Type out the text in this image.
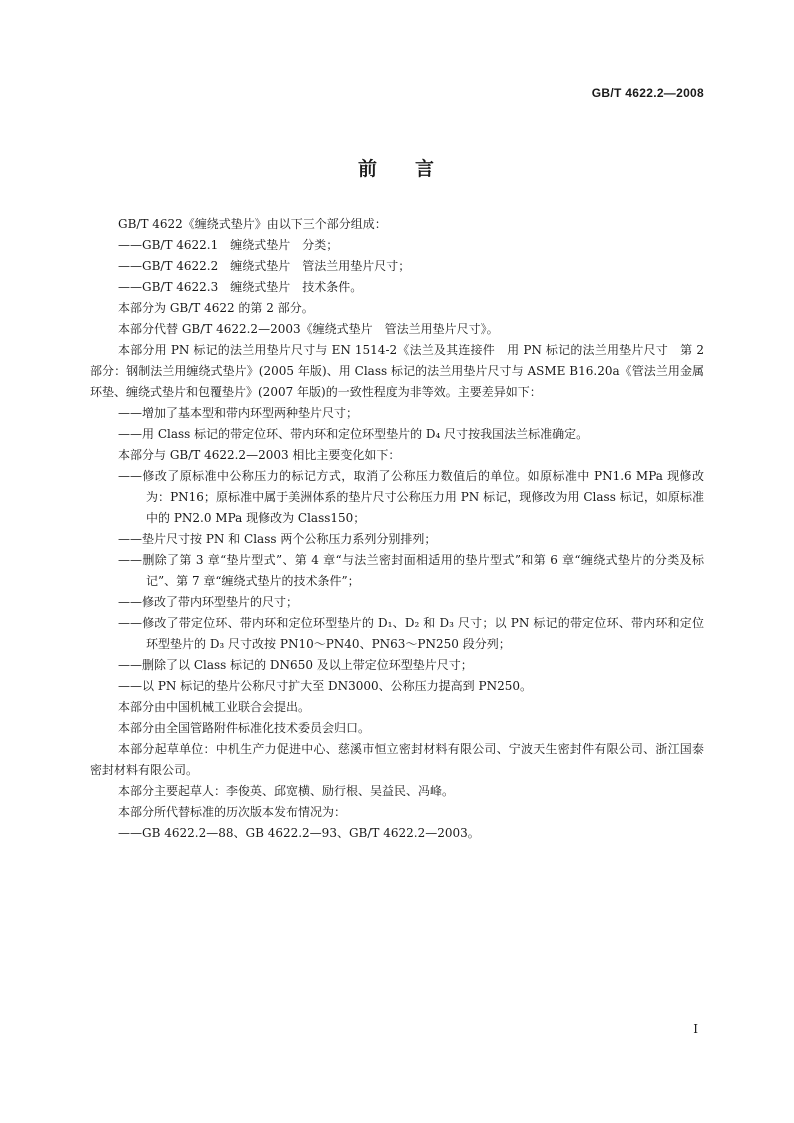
GB/T 4622.2—2008
前 言
GB/T 4622《缠绕式垫片》由以下三个部分组成：
——GB/T 4622.1　缠绕式垫片　分类；
——GB/T 4622.2　缠绕式垫片　管法兰用垫片尺寸；
——GB/T 4622.3　缠绕式垫片　技术条件。
本部分为 GB/T 4622 的第 2 部分。
本部分代替 GB/T 4622.2—2003《缠绕式垫片　管法兰用垫片尺寸》。
本部分用 PN 标记的法兰用垫片尺寸与 EN 1514-2《法兰及其连接件　用 PN 标记的法兰用垫片尺寸　第 2 部分：钢制法兰用缠绕式垫片》(2005 年版)、用 Class 标记的法兰用垫片尺寸与 ASME B16.20a《管法兰用金属环垫、缠绕式垫片和包覆垫片》(2007 年版)的一致性程度为非等效。主要差异如下：
——增加了基本型和带内环型两种垫片尺寸；
——用 Class 标记的带定位环、带内环和定位环型垫片的 D₄ 尺寸按我国法兰标准确定。
本部分与 GB/T 4622.2—2003 相比主要变化如下：
——修改了原标准中公称压力的标记方式，取消了公称压力数值后的单位。如原标准中 PN1.6 MPa 现修改为：PN16；原标准中属于美洲体系的垫片尺寸公称压力用 PN 标记，现修改为用 Class 标记，如原标准中的 PN2.0 MPa 现修改为 Class150；
——垫片尺寸按 PN 和 Class 两个公称压力系列分别排列；
——删除了第 3 章“垫片型式”、第 4 章“与法兰密封面相适用的垫片型式”和第 6 章“缠绕式垫片的分类及标记”、第 7 章“缠绕式垫片的技术条件”；
——修改了带内环型垫片的尺寸；
——修改了带定位环、带内环和定位环型垫片的 D₁、D₂ 和 D₃ 尺寸；以 PN 标记的带定位环、带内环和定位环型垫片的 D₃ 尺寸改按 PN10～PN40、PN63～PN250 段分列；
——删除了以 Class 标记的 DN650 及以上带定位环型垫片尺寸；
——以 PN 标记的垫片公称尺寸扩大至 DN3000、公称压力提高到 PN250。
本部分由中国机械工业联合会提出。
本部分由全国管路附件标准化技术委员会归口。
本部分起草单位：中机生产力促进中心、慈溪市恒立密封材料有限公司、宁波天生密封件有限公司、浙江国泰密封材料有限公司。
本部分主要起草人：李俊英、邱宽横、励行根、吴益民、冯峰。
本部分所代替标准的历次版本发布情况为：
——GB 4622.2—88、GB 4622.2—93、GB/T 4622.2—2003。
I
